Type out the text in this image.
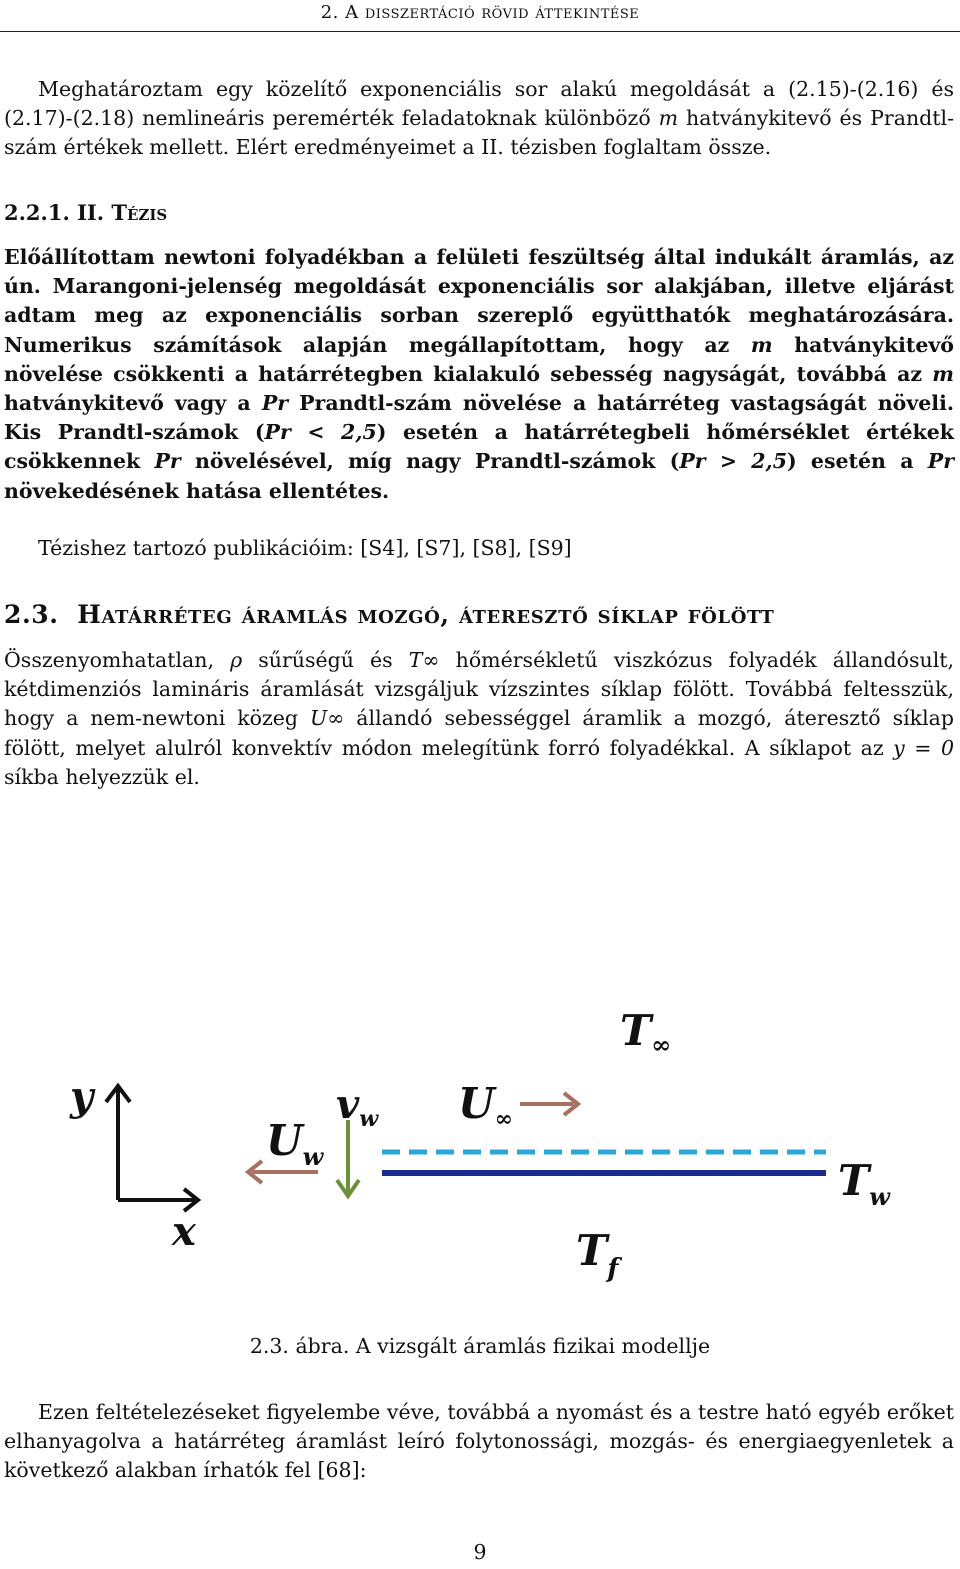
2. A disszertáció rövid áttekintése

Meghatároztam egy közelítő exponenciális sor alakú megoldását a (2.15)-(2.16) és (2.17)-(2.18) nemlineáris peremérték feladatoknak különböző m hatványkitevő és Prandtl-szám értékek mellett. Elért eredményeimet a II. tézisben foglaltam össze.

2.2.1. II. Tézis

Előállítottam newtoni folyadékban a felületi feszültség által indukált áramlás, az ún. Marangoni-jelenség megoldását exponenciális sor alakjában, illetve eljárást adtam meg az exponenciális sorban szereplő együtthatók meghatározására. Numerikus számítások alapján megállapítottam, hogy az m hatványkitevő növelése csökkenti a határrétegben kialakuló sebesség nagyságát, továbbá az m hatványkitevő vagy a Pr Prandtl-szám növelése a határréteg vastagságát növeli. Kis Prandtl-számok (Pr < 2,5) esetén a határrétegbeli hőmérséklet értékek csökkennek Pr növelésével, míg nagy Prandtl-számok (Pr > 2,5) esetén a Pr növekedésének hatása ellentétes.

Tézishez tartozó publikációim: [S4], [S7], [S8], [S9]

2.3. Határréteg áramlás mozgó, áteresztő síklap fölött

Összenyomhatatlan, ρ sűrűségű és T∞ hőmérsékletű viszkózus folyadék állandósult, kétdimenziós lamináris áramlását vizsgáljuk vízszintes síklap fölött. Továbbá feltesszük, hogy a nem-newtoni közeg U∞ állandó sebességgel áramlik a mozgó, áteresztő síklap fölött, melyet alulról konvektív módon melegítünk forró folyadékkal. A síklapot az y = 0 síkba helyezzük el.

y
x
$U_w$
$v_w$ U∞
T∞
$T_w$
$T_f$
2.3. ábra. A vizsgált áramlás fizikai modellje

Ezen feltételezéseket figyelembe véve, továbbá a nyomást és a testre ható egyéb erőket elhanyagolva a határréteg áramlást leíró folytonossági, mozgás- és energiaegyenletek a következő alakban írhatók fel [68]:

9
